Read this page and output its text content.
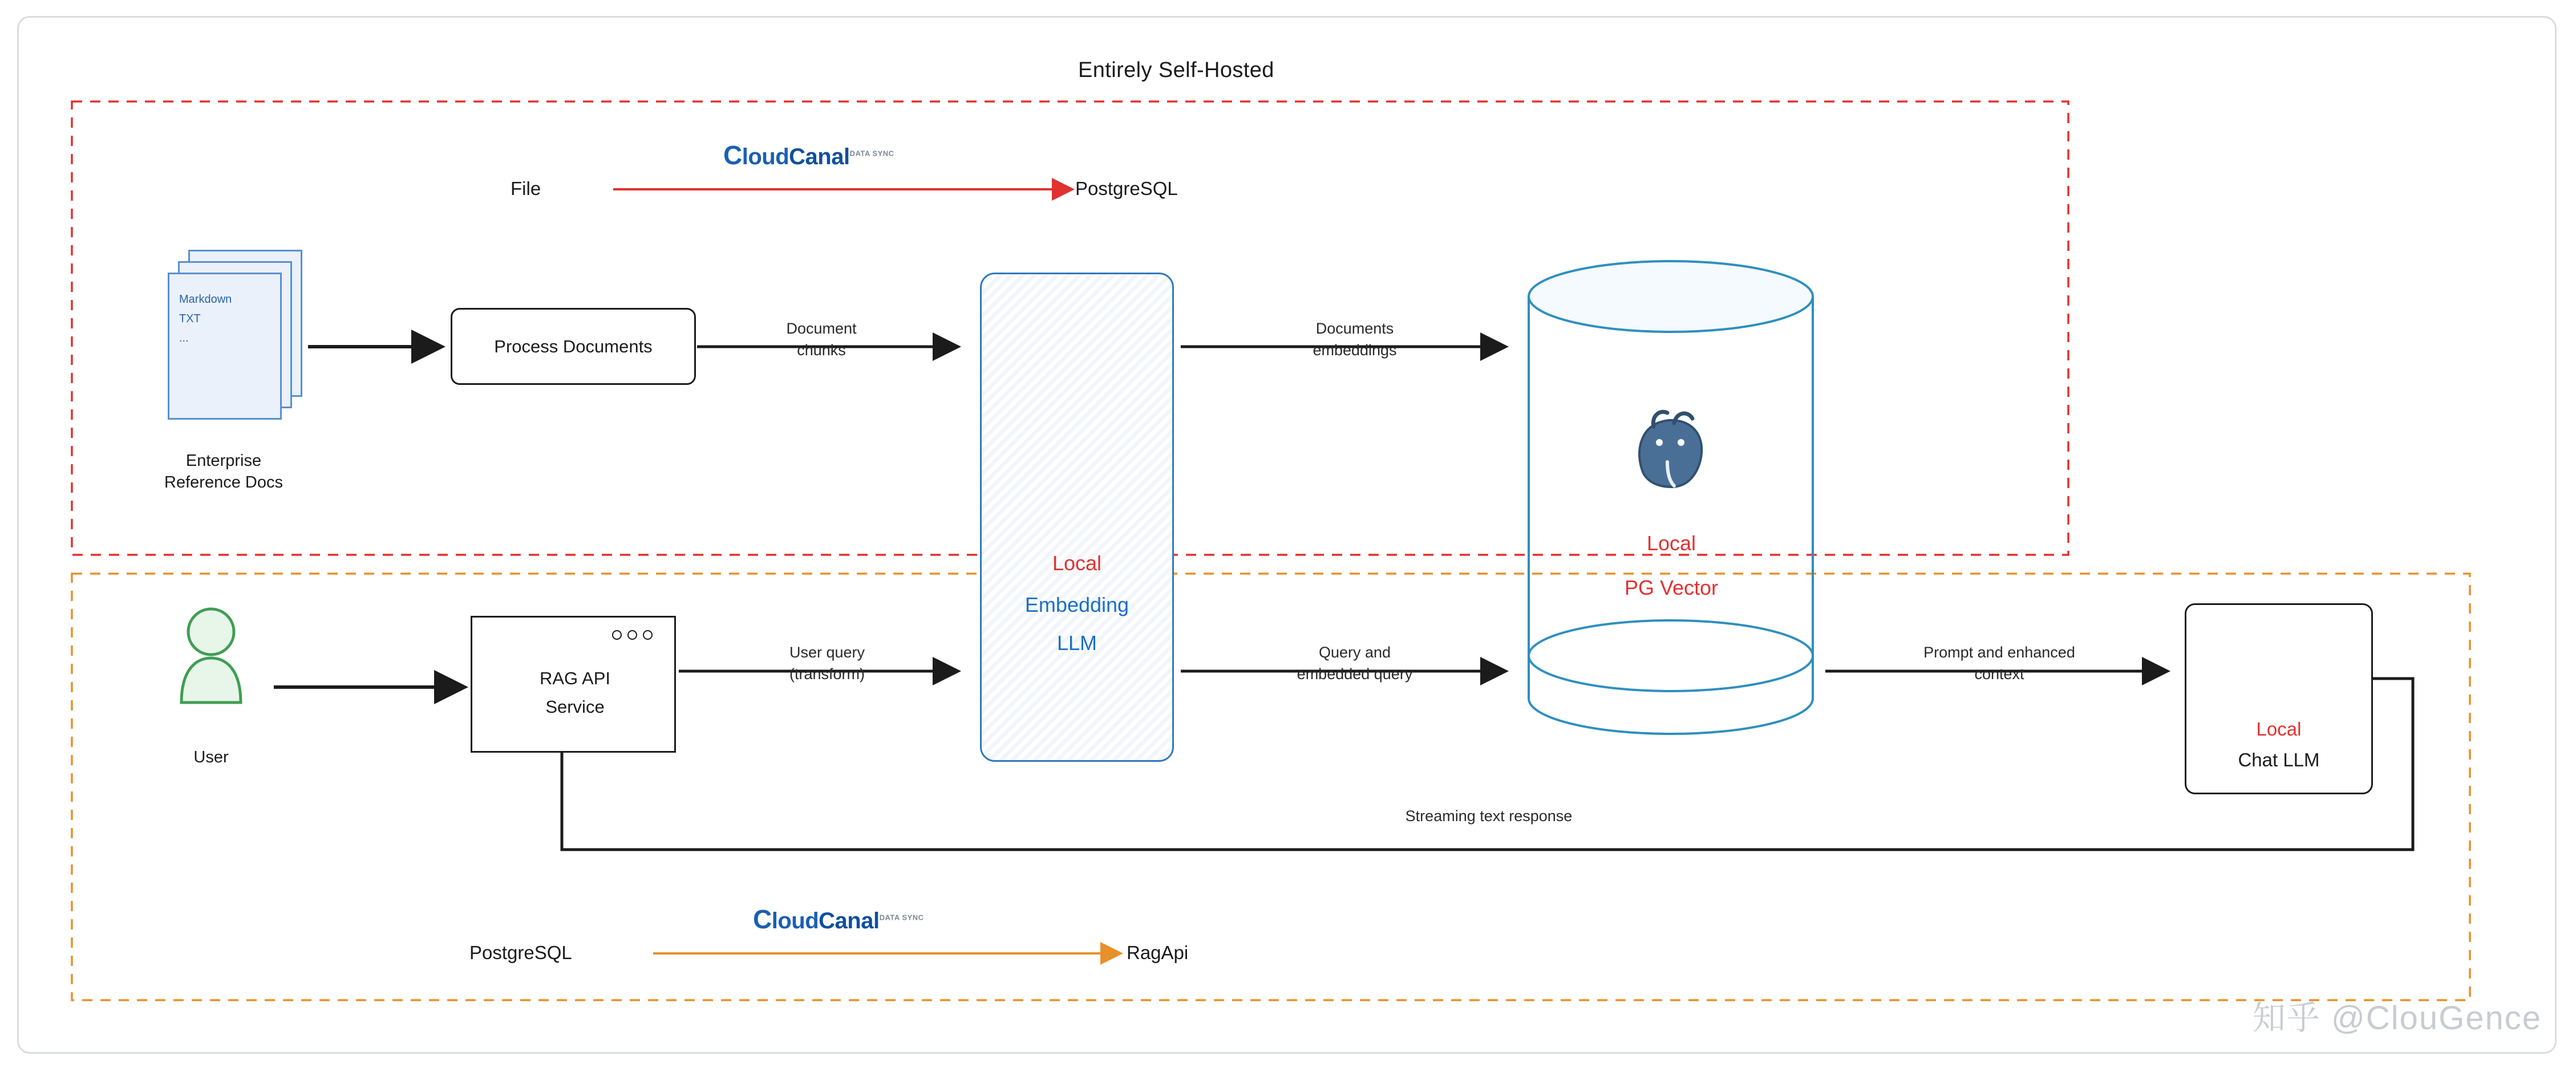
Entirely Self-Hosted
File
CloudCanal$^{DATA SYNC}$
PostgreSQL
PostgreSQL
CloudCanal$^{DATA SYNC}$
RagApi
Markdown
TXT
...
Enterprise
Reference Docs
Process Documents
Document
chunks
Local
Embedding
LLM
Documents
embeddings
Local
PG Vector
User
RAG API
Service
User query
(transform)
Query and
embedded query
Prompt and enhanced
context
Local
Chat LLM
Streaming text response
知乎 @ClouGence
